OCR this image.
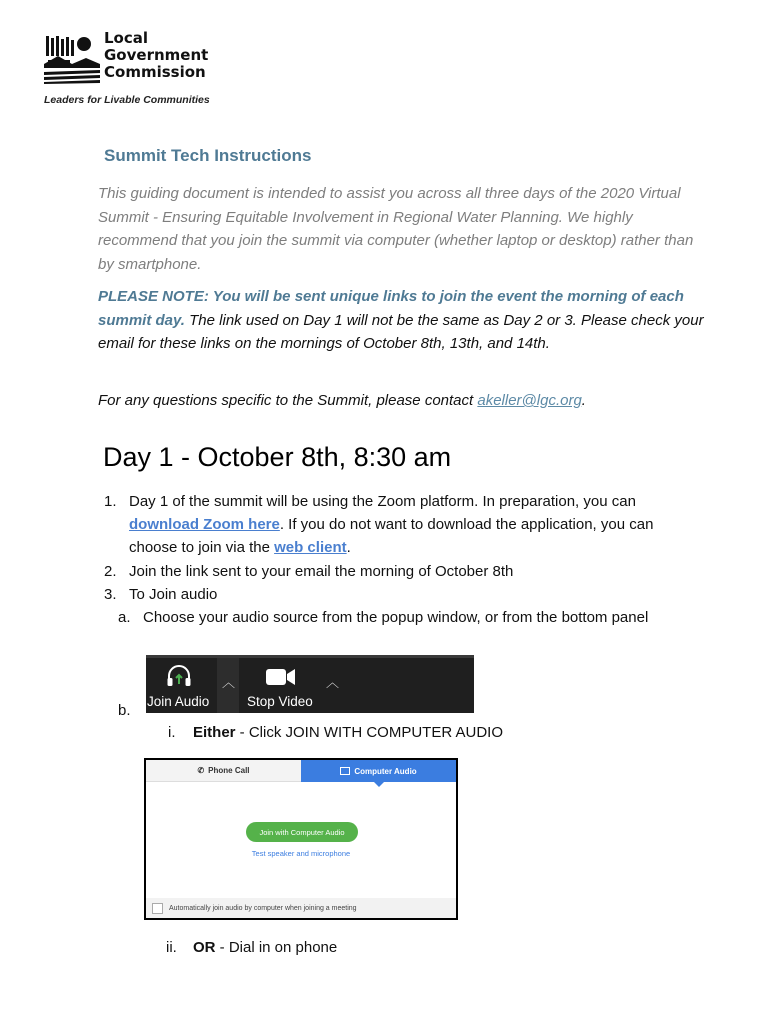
Local
Government
Commission
Leaders for Livable Communities
Summit Tech Instructions
This guiding document is intended to assist you across all three days of the 2020 Virtual Summit - Ensuring Equitable Involvement in Regional Water Planning. We highly recommend that you join the summit via computer (whether laptop or desktop) rather than by smartphone.
PLEASE NOTE: You will be sent unique links to join the event the morning of each summit day. The link used on Day 1 will not be the same as Day 2 or 3. Please check your email for these links on the mornings of October 8th, 13th, and 14th.
For any questions specific to the Summit, please contact akeller@lgc.org.
Day 1 - October 8th, 8:30 am
1. Day 1 of the summit will be using the Zoom platform. In preparation, you can download Zoom here. If you do not want to download the application, you can choose to join via the web client.
2. Join the link sent to your email the morning of October 8th
3. To Join audio
a. Choose your audio source from the popup window, or from the bottom panel
b.
︿	︿
Join Audio	Stop Video
i. Either - Click JOIN WITH COMPUTER AUDIO
✆ Phone Call	Computer Audio
Join with Computer Audio
Test speaker and microphone
Automatically join audio by computer when joining a meeting
ii. OR - Dial in on phone
